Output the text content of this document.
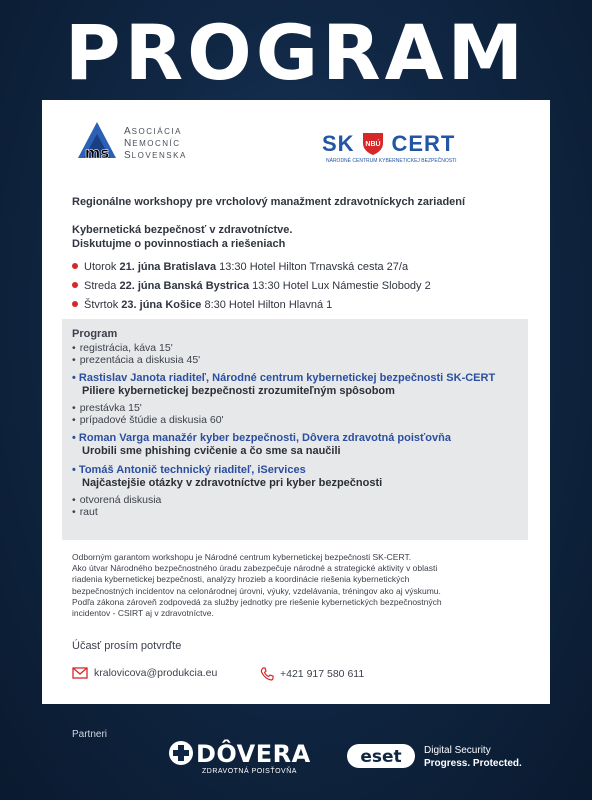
PROGRAM
ms
ASOCIÁCIA
NEMOCNÍC
SLOVENSKA	SK NBÚ CERT
NÁRODNÉ CENTRUM KYBERNETICKEJ BEZPEČNOSTI
Regionálne workshopy pre vrcholový manažment zdravotníckych zariadení
Kybernetická bezpečnosť v zdravotníctve.
Diskutujme o povinnostiach a riešeniach
Utorok 21. júna Bratislava 13:30 Hotel Hilton Trnavská cesta 27/a
Streda 22. júna Banská Bystrica 13:30 Hotel Lux Námestie Slobody 2
Štvrtok 23. júna Košice 8:30 Hotel Hilton Hlavná 1
Program
• registrácia, káva 15'
• prezentácia a diskusia 45'
• Rastislav Janota riaditeľ, Národné centrum kybernetickej bezpečnosti SK-CERT
Piliere kybernetickej bezpečnosti zrozumiteľným spôsobom
• prestávka 15'
• prípadové štúdie a diskusia 60'
• Roman Varga manažér kyber bezpečnosti, Dôvera zdravotná poisťovňa
Urobili sme phishing cvičenie a čo sme sa naučili
• Tomáš Antonič technický riaditeľ, iServices
Najčastejšie otázky v zdravotníctve pri kyber bezpečnosti
• otvorená diskusia
• raut
Odborným garantom workshopu je Národné centrum kybernetickej bezpečnosti SK-CERT.
Ako útvar Národného bezpečnostného úradu zabezpečuje národné a strategické aktivity v oblasti
riadenia kybernetickej bezpečnosti, analýzy hrozieb a koordinácie riešenia kybernetických
bezpečnostných incidentov na celonárodnej úrovni, výuky, vzdelávania, tréningov ako aj výskumu.
Podľa zákona zároveň zodpovedá za služby jednotky pre riešenie kybernetických bezpečnostných
incidentov - CSIRT aj v zdravotníctve.
Účasť prosím potvrďte
kralovicova@produkcia.eu	+421 917 580 611
Partneri
DÔVERA
ZDRAVOTNÁ POISŤOVŇA
eset Digital Security
Progress. Protected.
